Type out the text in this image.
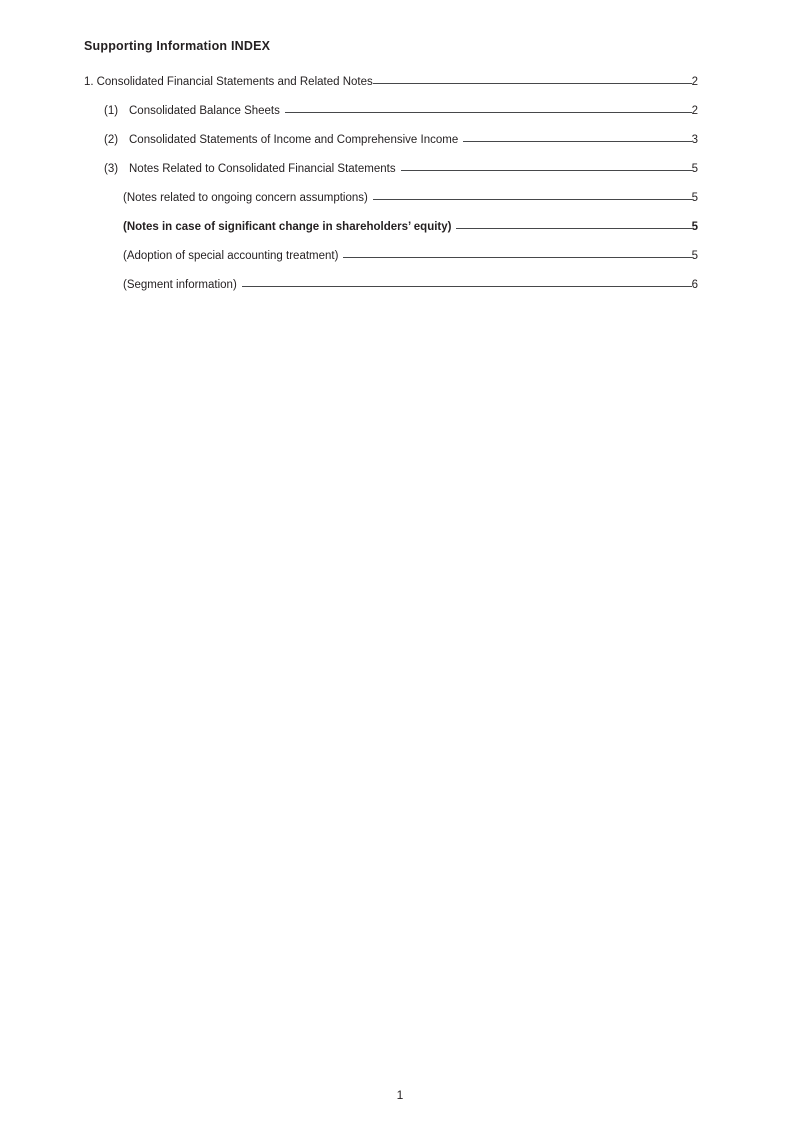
Supporting Information INDEX
1. Consolidated Financial Statements and Related Notes	2
(1) Consolidated Balance Sheets	2
(2) Consolidated Statements of Income and Comprehensive Income	3
(3) Notes Related to Consolidated Financial Statements	5
(Notes related to ongoing concern assumptions)	5
(Notes in case of significant change in shareholders’ equity)	5
(Adoption of special accounting treatment)	5
(Segment information)	6
1
